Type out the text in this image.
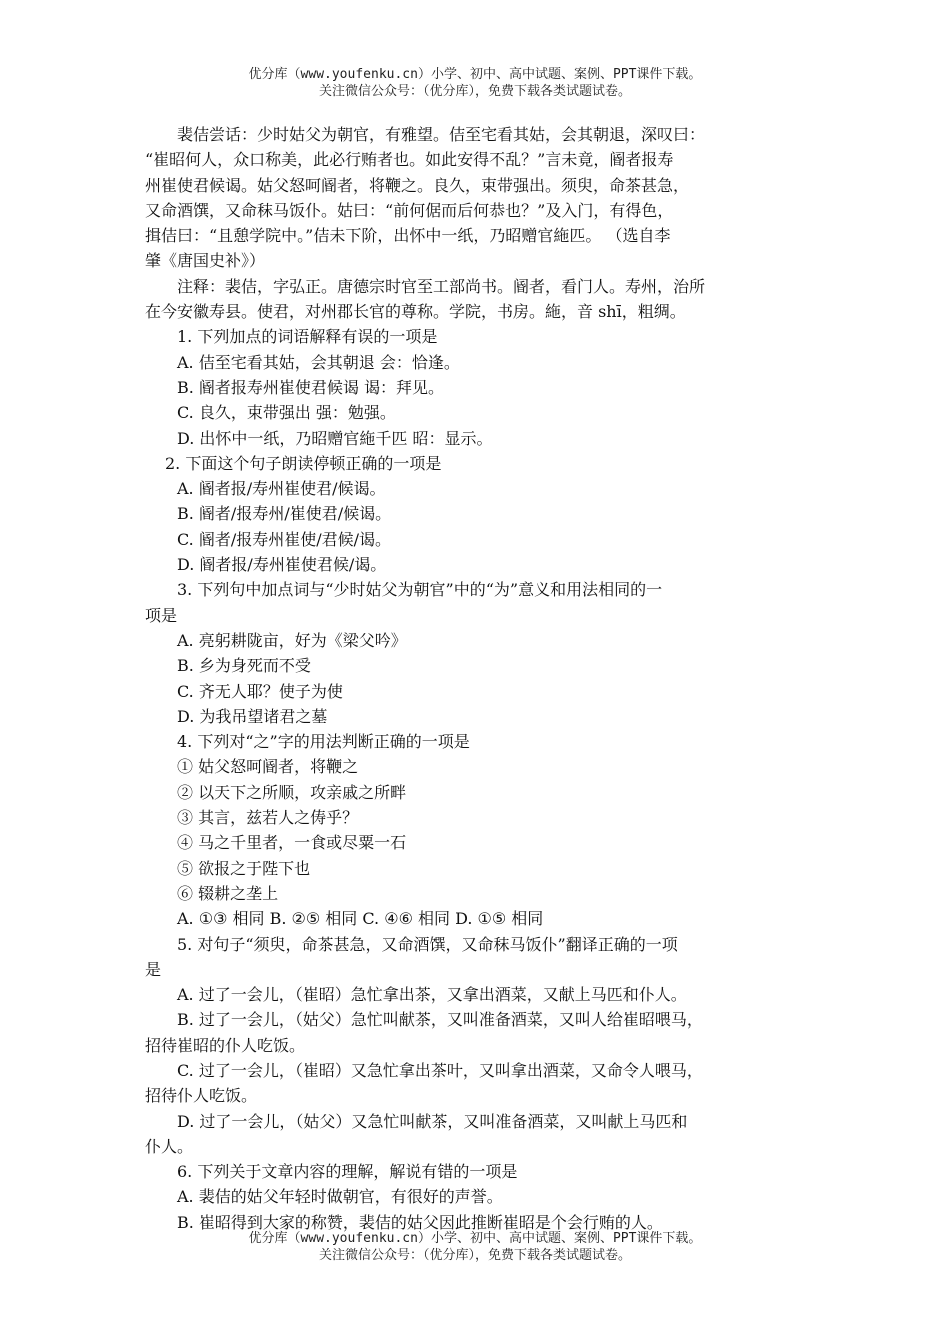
优分库（www.youfenku.cn）小学、初中、高中试题、案例、PPT课件下载。
关注微信公众号：（优分库），免费下载各类试题试卷。

裴佶尝话：少时姑父为朝官，有雅望。佶至宅看其姑，会其朝退，深叹曰：

“崔昭何人，众口称美，此必行贿者也。如此安得不乱？”言未竟，阍者报寿

州崔使君候谒。姑父怒呵阍者，将鞭之。良久，束带强出。须臾，命茶甚急，

又命酒馔，又命秣马饭仆。姑曰：“前何倨而后何恭也？”及入门，有得色，

揖佶曰：“且憩学院中。”佶未下阶，出怀中一纸，乃昭赠官絁匹。 （选自李

肇《唐国史补》）

注释：裴佶，字弘正。唐德宗时官至工部尚书。阍者，看门人。寿州，治所

在今安徽寿县。使君，对州郡长官的尊称。学院，书房。絁，音 shī，粗绸。

1. 下列加点的词语解释有误的一项是

A. 佶至宅看其姑，会其朝退 会：恰逢。

B. 阍者报寿州崔使君候谒 谒：拜见。

C. 良久，束带强出 强：勉强。

D. 出怀中一纸，乃昭赠官絁千匹 昭：显示。

2. 下面这个句子朗读停顿正确的一项是

A. 阍者报/寿州崔使君/候谒。

B. 阍者/报寿州/崔使君/候谒。

C. 阍者/报寿州崔使/君候/谒。

D. 阍者报/寿州崔使君候/谒。

3. 下列句中加点词与“少时姑父为朝官”中的“为”意义和用法相同的一

项是

A. 亮躬耕陇亩，好为《梁父吟》

B. 乡为身死而不受

C. 齐无人耶？使子为使

D. 为我吊望诸君之墓

4. 下列对“之”字的用法判断正确的一项是

① 姑父怒呵阍者，将鞭之

② 以天下之所顺，攻亲戚之所畔

③ 其言，兹若人之俦乎？

④ 马之千里者，一食或尽粟一石

⑤ 欲报之于陛下也

⑥ 辍耕之垄上

A. ①③ 相同 B. ②⑤ 相同 C. ④⑥ 相同 D. ①⑤ 相同

5. 对句子“须臾，命茶甚急，又命酒馔，又命秣马饭仆”翻译正确的一项

是

A. 过了一会儿，（崔昭）急忙拿出茶，又拿出酒菜，又献上马匹和仆人。

B. 过了一会儿，（姑父）急忙叫献茶，又叫准备酒菜，又叫人给崔昭喂马，

招待崔昭的仆人吃饭。

C. 过了一会儿，（崔昭）又急忙拿出茶叶，又叫拿出酒菜，又命令人喂马，

招待仆人吃饭。

D. 过了一会儿，（姑父）又急忙叫献茶，又叫准备酒菜，又叫献上马匹和

仆人。

6. 下列关于文章内容的理解，解说有错的一项是

A. 裴佶的姑父年轻时做朝官，有很好的声誉。

B. 崔昭得到大家的称赞，裴佶的姑父因此推断崔昭是个会行贿的人。

优分库（www.youfenku.cn）小学、初中、高中试题、案例、PPT课件下载。
关注微信公众号：（优分库），免费下载各类试题试卷。
